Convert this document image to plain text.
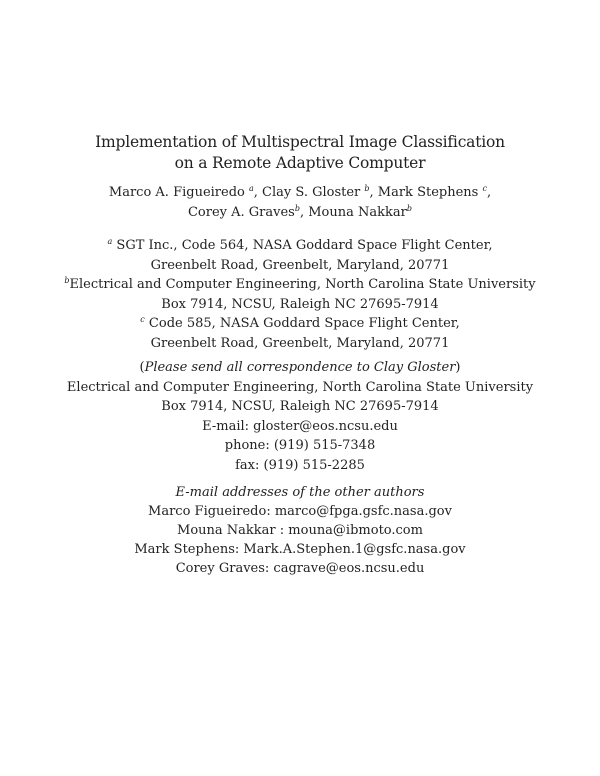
Implementation of Multispectral Image Classification
on a Remote Adaptive Computer
Marco A. Figueiredo $^a$, Clay S. Gloster $^b$, Mark Stephens $^c$,
Corey A. Graves$^b$, Mouna Nakkar$^b$
$^a$ SGT Inc., Code 564, NASA Goddard Space Flight Center,
Greenbelt Road, Greenbelt, Maryland, 20771
$^b$Electrical and Computer Engineering, North Carolina State University
Box 7914, NCSU, Raleigh NC 27695-7914
$^c$ Code 585, NASA Goddard Space Flight Center,
Greenbelt Road, Greenbelt, Maryland, 20771
(Please send all correspondence to Clay Gloster)
Electrical and Computer Engineering, North Carolina State University
Box 7914, NCSU, Raleigh NC 27695-7914
E-mail: gloster@eos.ncsu.edu
phone: (919) 515-7348
fax: (919) 515-2285
E-mail addresses of the other authors
Marco Figueiredo: marco@fpga.gsfc.nasa.gov
Mouna Nakkar : mouna@ibmoto.com
Mark Stephens: Mark.A.Stephen.1@gsfc.nasa.gov
Corey Graves: cagrave@eos.ncsu.edu
